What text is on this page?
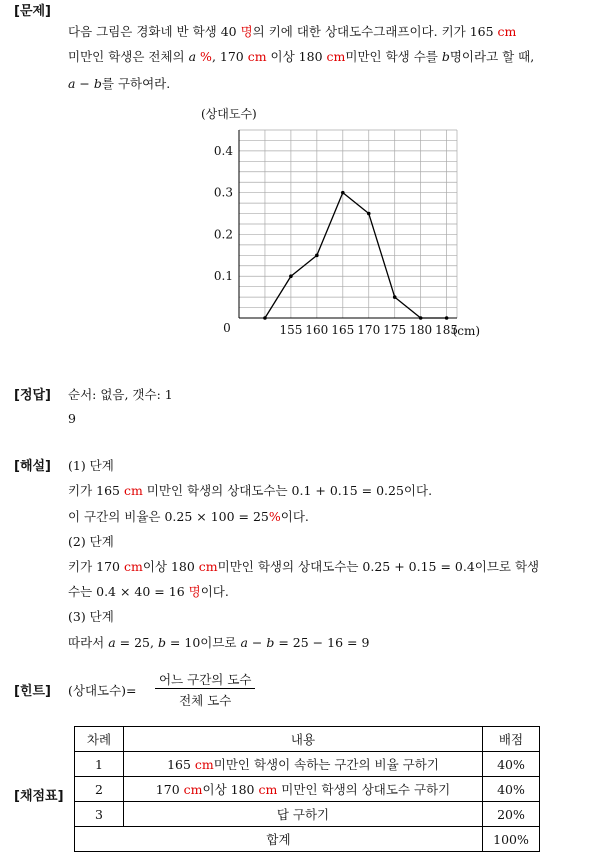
[문제]
다음 그림은 경화네 반 학생 40 명의 키에 대한 상대도수그래프이다. 키가 165 cm
미만인 학생은 전체의 a %, 170 cm 이상 180 cm미만인 학생 수를 b명이라고 할 때,
a − b를 구하여라.
0.1
0.2
0.3
0.4
155 160 165 170 175 180 185
0
(상대도수)
(cm)
[정답] 순서: 없음, 갯수: 1
9
[해설] (1) 단계
키가 165 cm 미만인 학생의 상대도수는 0.1 + 0.15 = 0.25이다.
이 구간의 비율은 0.25 × 100 = 25%이다.
(2) 단계
키가 170 cm이상 180 cm미만인 학생의 상대도수는 0.25 + 0.15 = 0.4이므로 학생
수는 0.4 × 40 = 16 명이다.
(3) 단계
따라서 a = 25, b = 10이므로 a − b = 25 − 16 = 9
[힌트] (상대도수)=
어느 구간의 도수
전체 도수
[채점표]
차례	내용	배점
1	165 cm미만인 학생이 속하는 구간의 비율 구하기	40%
2	170 cm이상 180 cm 미만인 학생의 상대도수 구하기	40%
3	답 구하기	20%
합계		100%
